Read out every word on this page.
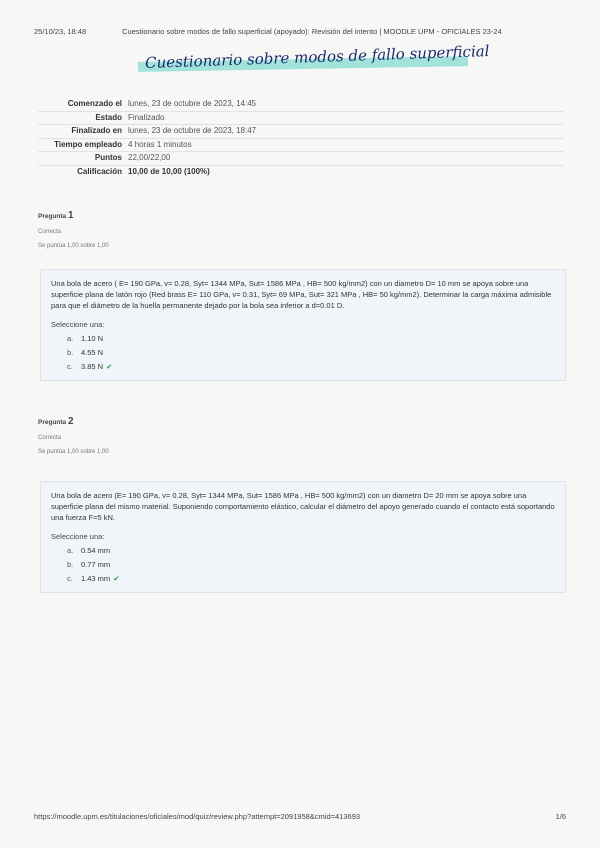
25/10/23, 18:48	Cuestionario sobre modos de fallo superficial (apoyado): Revisión del intento | MOODLE UPM - OFICIALES 23-24
Cuestionario sobre modos de fallo superficial
Comenzado el lunes, 23 de octubre de 2023, 14:45
Estado Finalizado
Finalizado en lunes, 23 de octubre de 2023, 18:47
Tiempo empleado 4 horas 1 minutos
Puntos 22,00/22,00
Calificación 10,00 de 10,00 (100%)
Pregunta 1
Correcta
Se puntúa 1,00 sobre 1,00
Una bola de acero ( E= 190 GPa, v= 0.28, Syt= 1344 MPa, Sut= 1586 MPa , HB= 500 kg/mm2) con un diametro D= 10 mm se apoya sobre una superficie plana de latón rojo (Red brass E= 110 GPa, v= 0.31, Syt= 69 MPa, Sut= 321 MPa , HB= 50 kg/mm2). Determinar la carga máxima admisible para que el diámetro de la huella permanente dejado por la bola sea inferior a d=0.01 D.
Seleccione una:
a.	1.10 N
b.	4.55 N
c.	3.85 N ✔
Pregunta 2
Correcta
Se puntúa 1,00 sobre 1,00
Una bola de acero (E= 190 GPa, v= 0.28, Syt= 1344 MPa, Sut= 1586 MPa , HB= 500 kg/mm2) con un diametro D= 20 mm se apoya sobre una superficie plana del mismo material. Suponiendo comportamiento elástico, calcular el diámetro del apoyo generado cuando el contacto está soportando una fuerza F=5 kN.
Seleccione una:
a.	0.54 mm
b.	0.77 mm
c.	1.43 mm ✔
https://moodle.upm.es/titulaciones/oficiales/mod/quiz/review.php?attempt=2091958&cmid=413693	1/6
